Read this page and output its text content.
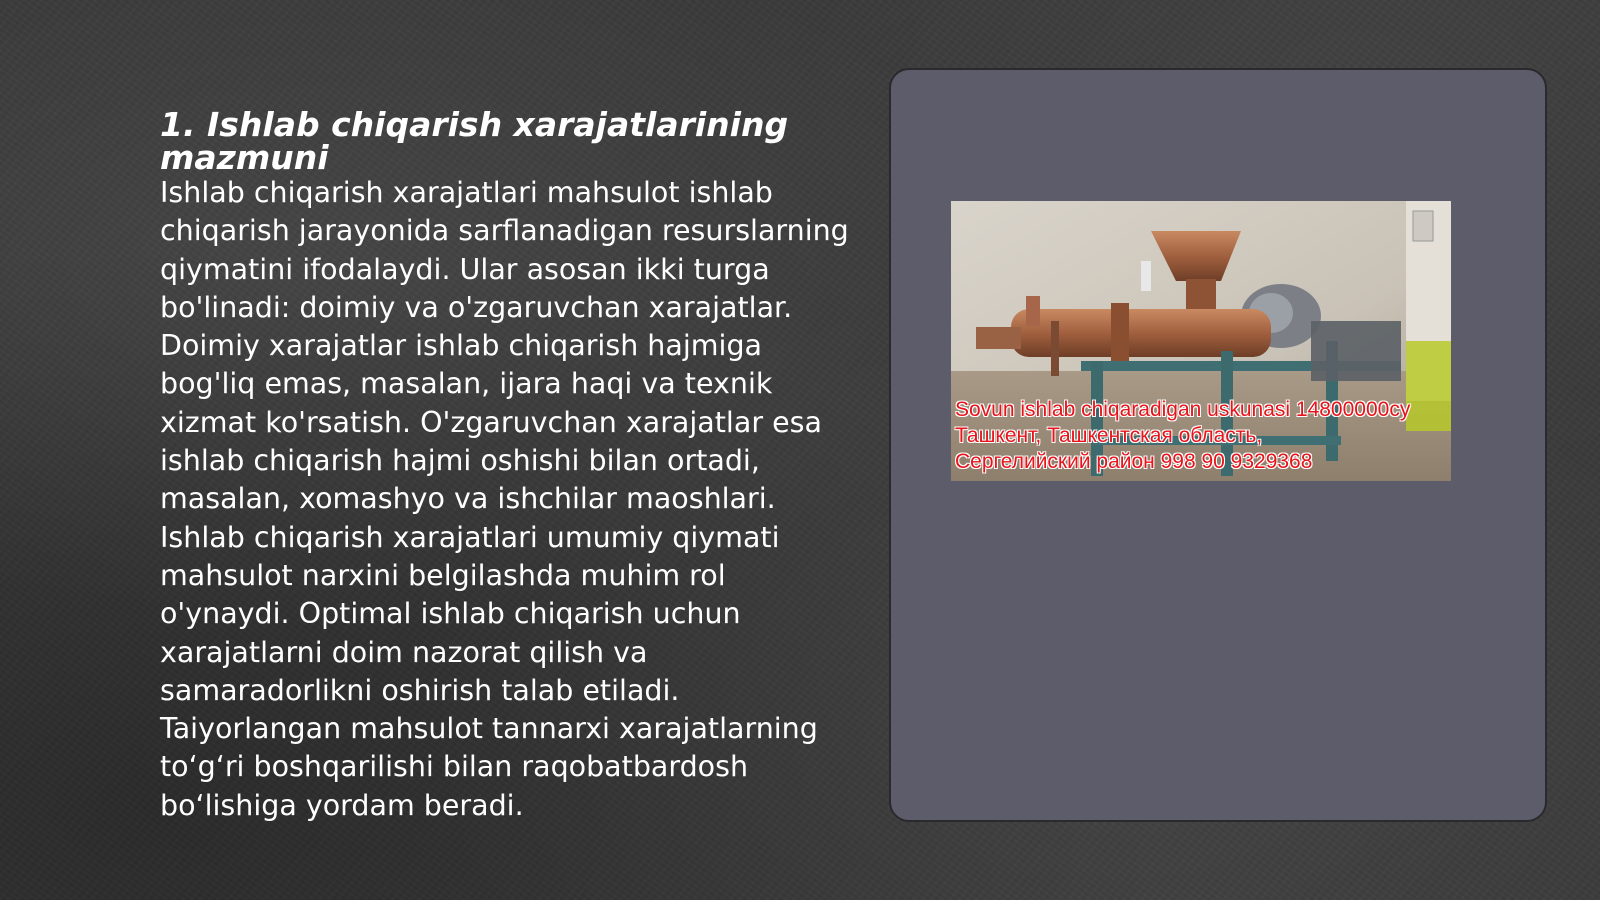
1. Ishlab chiqarish xarajatlarining mazmuni

Ishlab chiqarish xarajatlari mahsulot ishlab chiqarish jarayonida sarflanadigan resurslarning qiymatini ifodalaydi. Ular asosan ikki turga bo'linadi: doimiy va o'zgaruvchan xarajatlar. Doimiy xarajatlar ishlab chiqarish hajmiga bog'liq emas, masalan, ijara haqi va texnik xizmat ko'rsatish. O'zgaruvchan xarajatlar esa ishlab chiqarish hajmi oshishi bilan ortadi, masalan, xomashyo va ishchilar maoshlari. Ishlab chiqarish xarajatlari umumiy qiymati mahsulot narxini belgilashda muhim rol o'ynaydi. Optimal ishlab chiqarish uchun xarajatlarni doim nazorat qilish va samaradorlikni oshirish talab etiladi. Taiyorlangan mahsulot tannarxi xarajatlarning to‘g‘ri boshqarilishi bilan raqobatbardosh bo‘lishiga yordam beradi.

Sovun ishlab chiqaradigan uskunasi 14800000cy
Ташкент, Ташкентская область,
Сергелийский район 998 90 9329368
